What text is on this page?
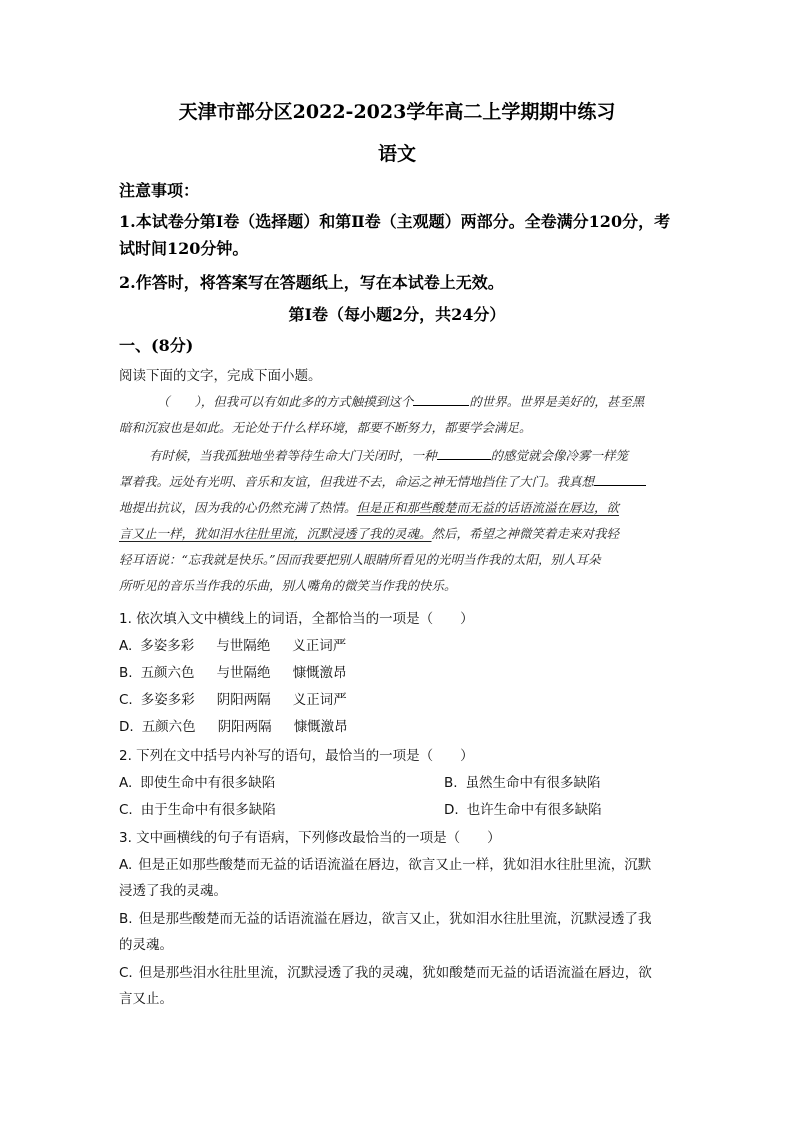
天津市部分区2022-2023学年高二上学期期中练习
语文
注意事项：
1.本试卷分第Ⅰ卷（选择题）和第Ⅱ卷（主观题）两部分。全卷满分120分，考
试时间120分钟。
2.作答时，将答案写在答题纸上，写在本试卷上无效。
第Ⅰ卷（每小题2分，共24分）
一、(8分)
阅读下面的文字，完成下面小题。
（　　），但我可以有如此多的方式触摸到这个	的世界。世界是美好的，甚至黑
暗和沉寂也是如此。无论处于什么样环境，都要不断努力，都要学会满足。
有时候，当我孤独地坐着等待生命大门关闭时，一种	的感觉就会像冷雾一样笼
罩着我。远处有光明、音乐和友谊，但我进不去，命运之神无情地挡住了大门。我真想
地提出抗议，因为我的心仍然充满了热情。但是正和那些酸楚而无益的话语流溢在唇边，欲
言又止一样，犹如泪水往肚里流，沉默浸透了我的灵魂。然后，希望之神微笑着走来对我轻
轻耳语说：“忘我就是快乐。”因而我要把别人眼睛所看见的光明当作我的太阳，别人耳朵
所听见的音乐当作我的乐曲，别人嘴角的微笑当作我的快乐。
1. 依次填入文中横线上的词语，全都恰当的一项是（　　）
A. 多姿多彩 与世隔绝 义正词严
B. 五颜六色 与世隔绝 慷慨激昂
C. 多姿多彩 阴阳两隔 义正词严
D. 五颜六色 阴阳两隔 慷慨激昂
2. 下列在文中括号内补写的语句，最恰当的一项是（　　）
A. 即使生命中有很多缺陷	B. 虽然生命中有很多缺陷
C. 由于生命中有很多缺陷	D. 也许生命中有很多缺陷
3. 文中画横线的句子有语病，下列修改最恰当的一项是（　　）
A. 但是正如那些酸楚而无益的话语流溢在唇边，欲言又止一样，犹如泪水往肚里流，沉默
浸透了我的灵魂。
B. 但是那些酸楚而无益的话语流溢在唇边，欲言又止，犹如泪水往肚里流，沉默浸透了我
的灵魂。
C. 但是那些泪水往肚里流，沉默浸透了我的灵魂，犹如酸楚而无益的话语流溢在唇边，欲
言又止。
